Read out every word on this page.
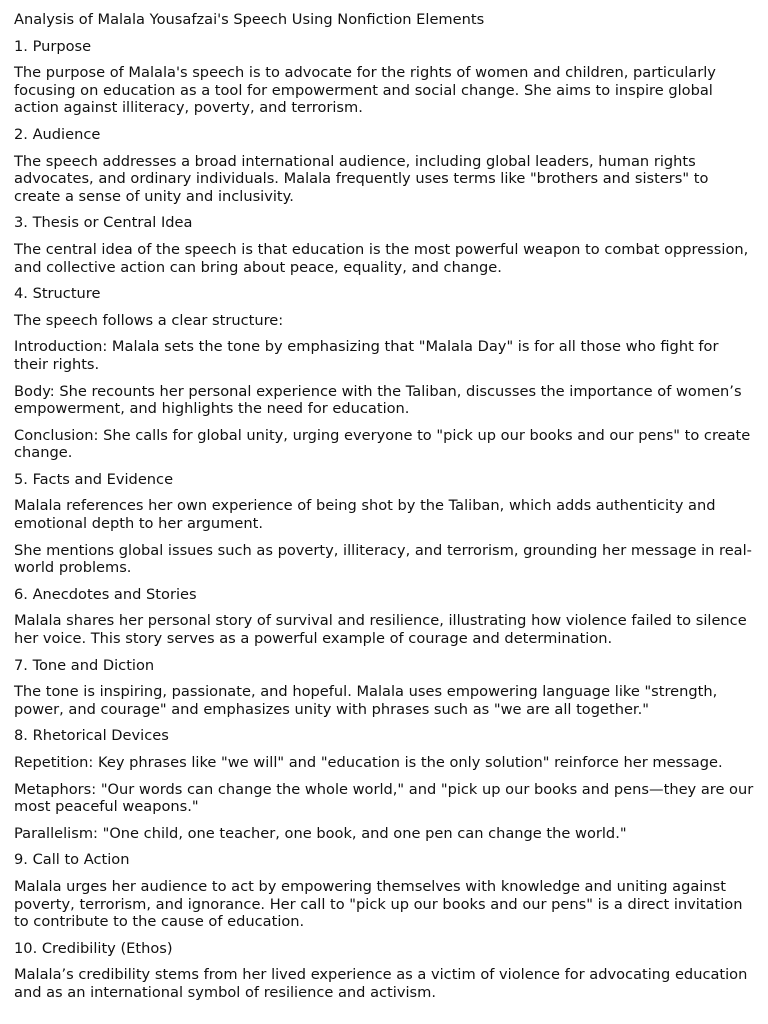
Analysis of Malala Yousafzai's Speech Using Nonfiction Elements

1. Purpose

The purpose of Malala's speech is to advocate for the rights of women and children, particularly focusing on education as a tool for empowerment and social change. She aims to inspire global action against illiteracy, poverty, and terrorism.

2. Audience

The speech addresses a broad international audience, including global leaders, human rights advocates, and ordinary individuals. Malala frequently uses terms like "brothers and sisters" to create a sense of unity and inclusivity.

3. Thesis or Central Idea

The central idea of the speech is that education is the most powerful weapon to combat oppression, and collective action can bring about peace, equality, and change.

4. Structure

The speech follows a clear structure:

Introduction: Malala sets the tone by emphasizing that "Malala Day" is for all those who fight for their rights.

Body: She recounts her personal experience with the Taliban, discusses the importance of women’s empowerment, and highlights the need for education.

Conclusion: She calls for global unity, urging everyone to "pick up our books and our pens" to create change.

5. Facts and Evidence

Malala references her own experience of being shot by the Taliban, which adds authenticity and emotional depth to her argument.

She mentions global issues such as poverty, illiteracy, and terrorism, grounding her message in real-world problems.

6. Anecdotes and Stories

Malala shares her personal story of survival and resilience, illustrating how violence failed to silence her voice. This story serves as a powerful example of courage and determination.

7. Tone and Diction

The tone is inspiring, passionate, and hopeful. Malala uses empowering language like "strength, power, and courage" and emphasizes unity with phrases such as "we are all together."

8. Rhetorical Devices

Repetition: Key phrases like "we will" and "education is the only solution" reinforce her message.

Metaphors: "Our words can change the whole world," and "pick up our books and pens—they are our most peaceful weapons."

Parallelism: "One child, one teacher, one book, and one pen can change the world."

9. Call to Action

Malala urges her audience to act by empowering themselves with knowledge and uniting against poverty, terrorism, and ignorance. Her call to "pick up our books and our pens" is a direct invitation to contribute to the cause of education.

10. Credibility (Ethos)

Malala’s credibility stems from her lived experience as a victim of violence for advocating education and as an international symbol of resilience and activism.
